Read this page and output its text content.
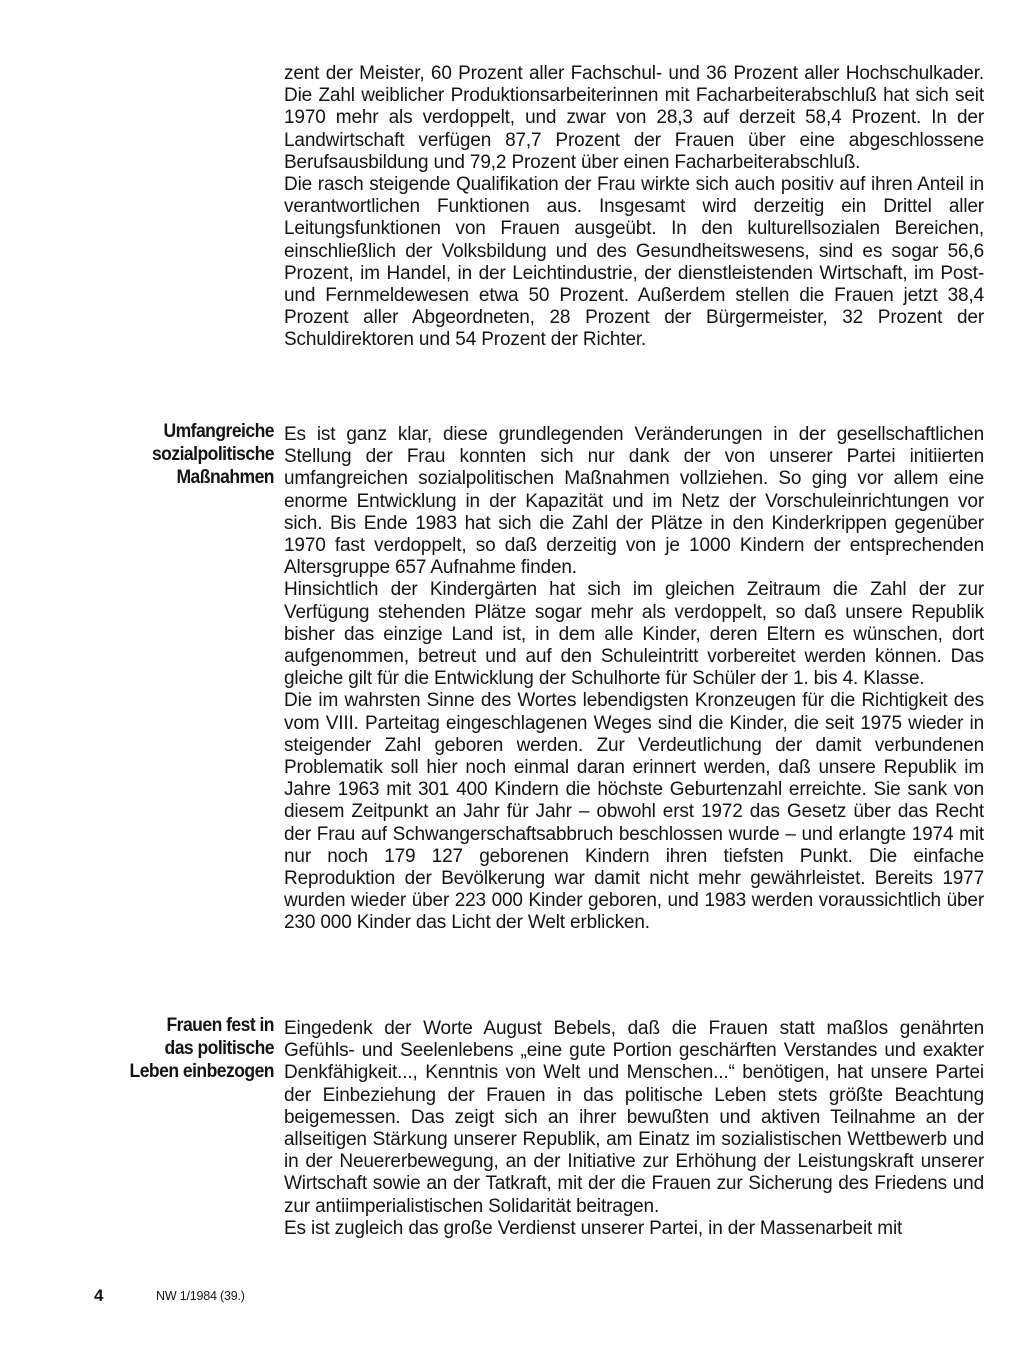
zent der Meister, 60 Prozent aller Fachschul- und 36 Prozent aller Hochschulkader. Die Zahl weiblicher Produktionsarbeiterinnen mit Facharbeiterabschluß hat sich seit 1970 mehr als verdoppelt, und zwar von 28,3 auf derzeit 58,4 Prozent. In der Landwirtschaft verfügen 87,7 Prozent der Frauen über eine abgeschlossene Berufsausbildung und 79,2 Prozent über einen Facharbeiterabschluß.

Die rasch steigende Qualifikation der Frau wirkte sich auch positiv auf ihren Anteil in verantwortlichen Funktionen aus. Insgesamt wird derzeitig ein Drittel aller Leitungsfunktionen von Frauen ausgeübt. In den kulturellsozialen Bereichen, einschließlich der Volksbildung und des Gesundheitswesens, sind es sogar 56,6 Prozent, im Handel, in der Leichtindustrie, der dienstleistenden Wirtschaft, im Post- und Fernmeldewesen etwa 50 Prozent. Außerdem stellen die Frauen jetzt 38,4 Prozent aller Abgeordneten, 28 Prozent der Bürgermeister, 32 Prozent der Schuldirektoren und 54 Prozent der Richter.

Umfangreiche
sozialpolitische
Maßnahmen

Es ist ganz klar, diese grundlegenden Veränderungen in der gesellschaftlichen Stellung der Frau konnten sich nur dank der von unserer Partei initiierten umfangreichen sozialpolitischen Maßnahmen vollziehen. So ging vor allem eine enorme Entwicklung in der Kapazität und im Netz der Vorschuleinrichtungen vor sich. Bis Ende 1983 hat sich die Zahl der Plätze in den Kinderkrippen gegenüber 1970 fast verdoppelt, so daß derzeitig von je 1000 Kindern der entsprechenden Altersgruppe 657 Aufnahme finden.

Hinsichtlich der Kindergärten hat sich im gleichen Zeitraum die Zahl der zur Verfügung stehenden Plätze sogar mehr als verdoppelt, so daß unsere Republik bisher das einzige Land ist, in dem alle Kinder, deren Eltern es wünschen, dort aufgenommen, betreut und auf den Schuleintritt vorbereitet werden können. Das gleiche gilt für die Entwicklung der Schulhorte für Schüler der 1. bis 4. Klasse.

Die im wahrsten Sinne des Wortes lebendigsten Kronzeugen für die Richtigkeit des vom VIII. Parteitag eingeschlagenen Weges sind die Kinder, die seit 1975 wieder in steigender Zahl geboren werden. Zur Verdeutlichung der damit verbundenen Problematik soll hier noch einmal daran erinnert werden, daß unsere Republik im Jahre 1963 mit 301 400 Kindern die höchste Geburtenzahl erreichte. Sie sank von diesem Zeitpunkt an Jahr für Jahr – obwohl erst 1972 das Gesetz über das Recht der Frau auf Schwangerschaftsabbruch beschlossen wurde – und erlangte 1974 mit nur noch 179 127 geborenen Kindern ihren tiefsten Punkt. Die einfache Reproduktion der Bevölkerung war damit nicht mehr gewährleistet. Bereits 1977 wurden wieder über 223 000 Kinder geboren, und 1983 werden voraussichtlich über 230 000 Kinder das Licht der Welt erblicken.

Frauen fest in
das politische
Leben einbezogen

Eingedenk der Worte August Bebels, daß die Frauen statt maßlos genährten Gefühls- und Seelenlebens „eine gute Portion geschärften Verstandes und exakter Denkfähigkeit..., Kenntnis von Welt und Menschen...“ benötigen, hat unsere Partei der Einbeziehung der Frauen in das politische Leben stets größte Beachtung beigemessen. Das zeigt sich an ihrer bewußten und aktiven Teilnahme an der allseitigen Stärkung unserer Republik, am Einatz im sozialistischen Wettbewerb und in der Neuererbewegung, an der Initiative zur Erhöhung der Leistungskraft unserer Wirtschaft sowie an der Tatkraft, mit der die Frauen zur Sicherung des Friedens und zur antiimperialistischen Solidarität beitragen.

Es ist zugleich das große Verdienst unserer Partei, in der Massenarbeit mit

4	NW 1/1984 (39.)
